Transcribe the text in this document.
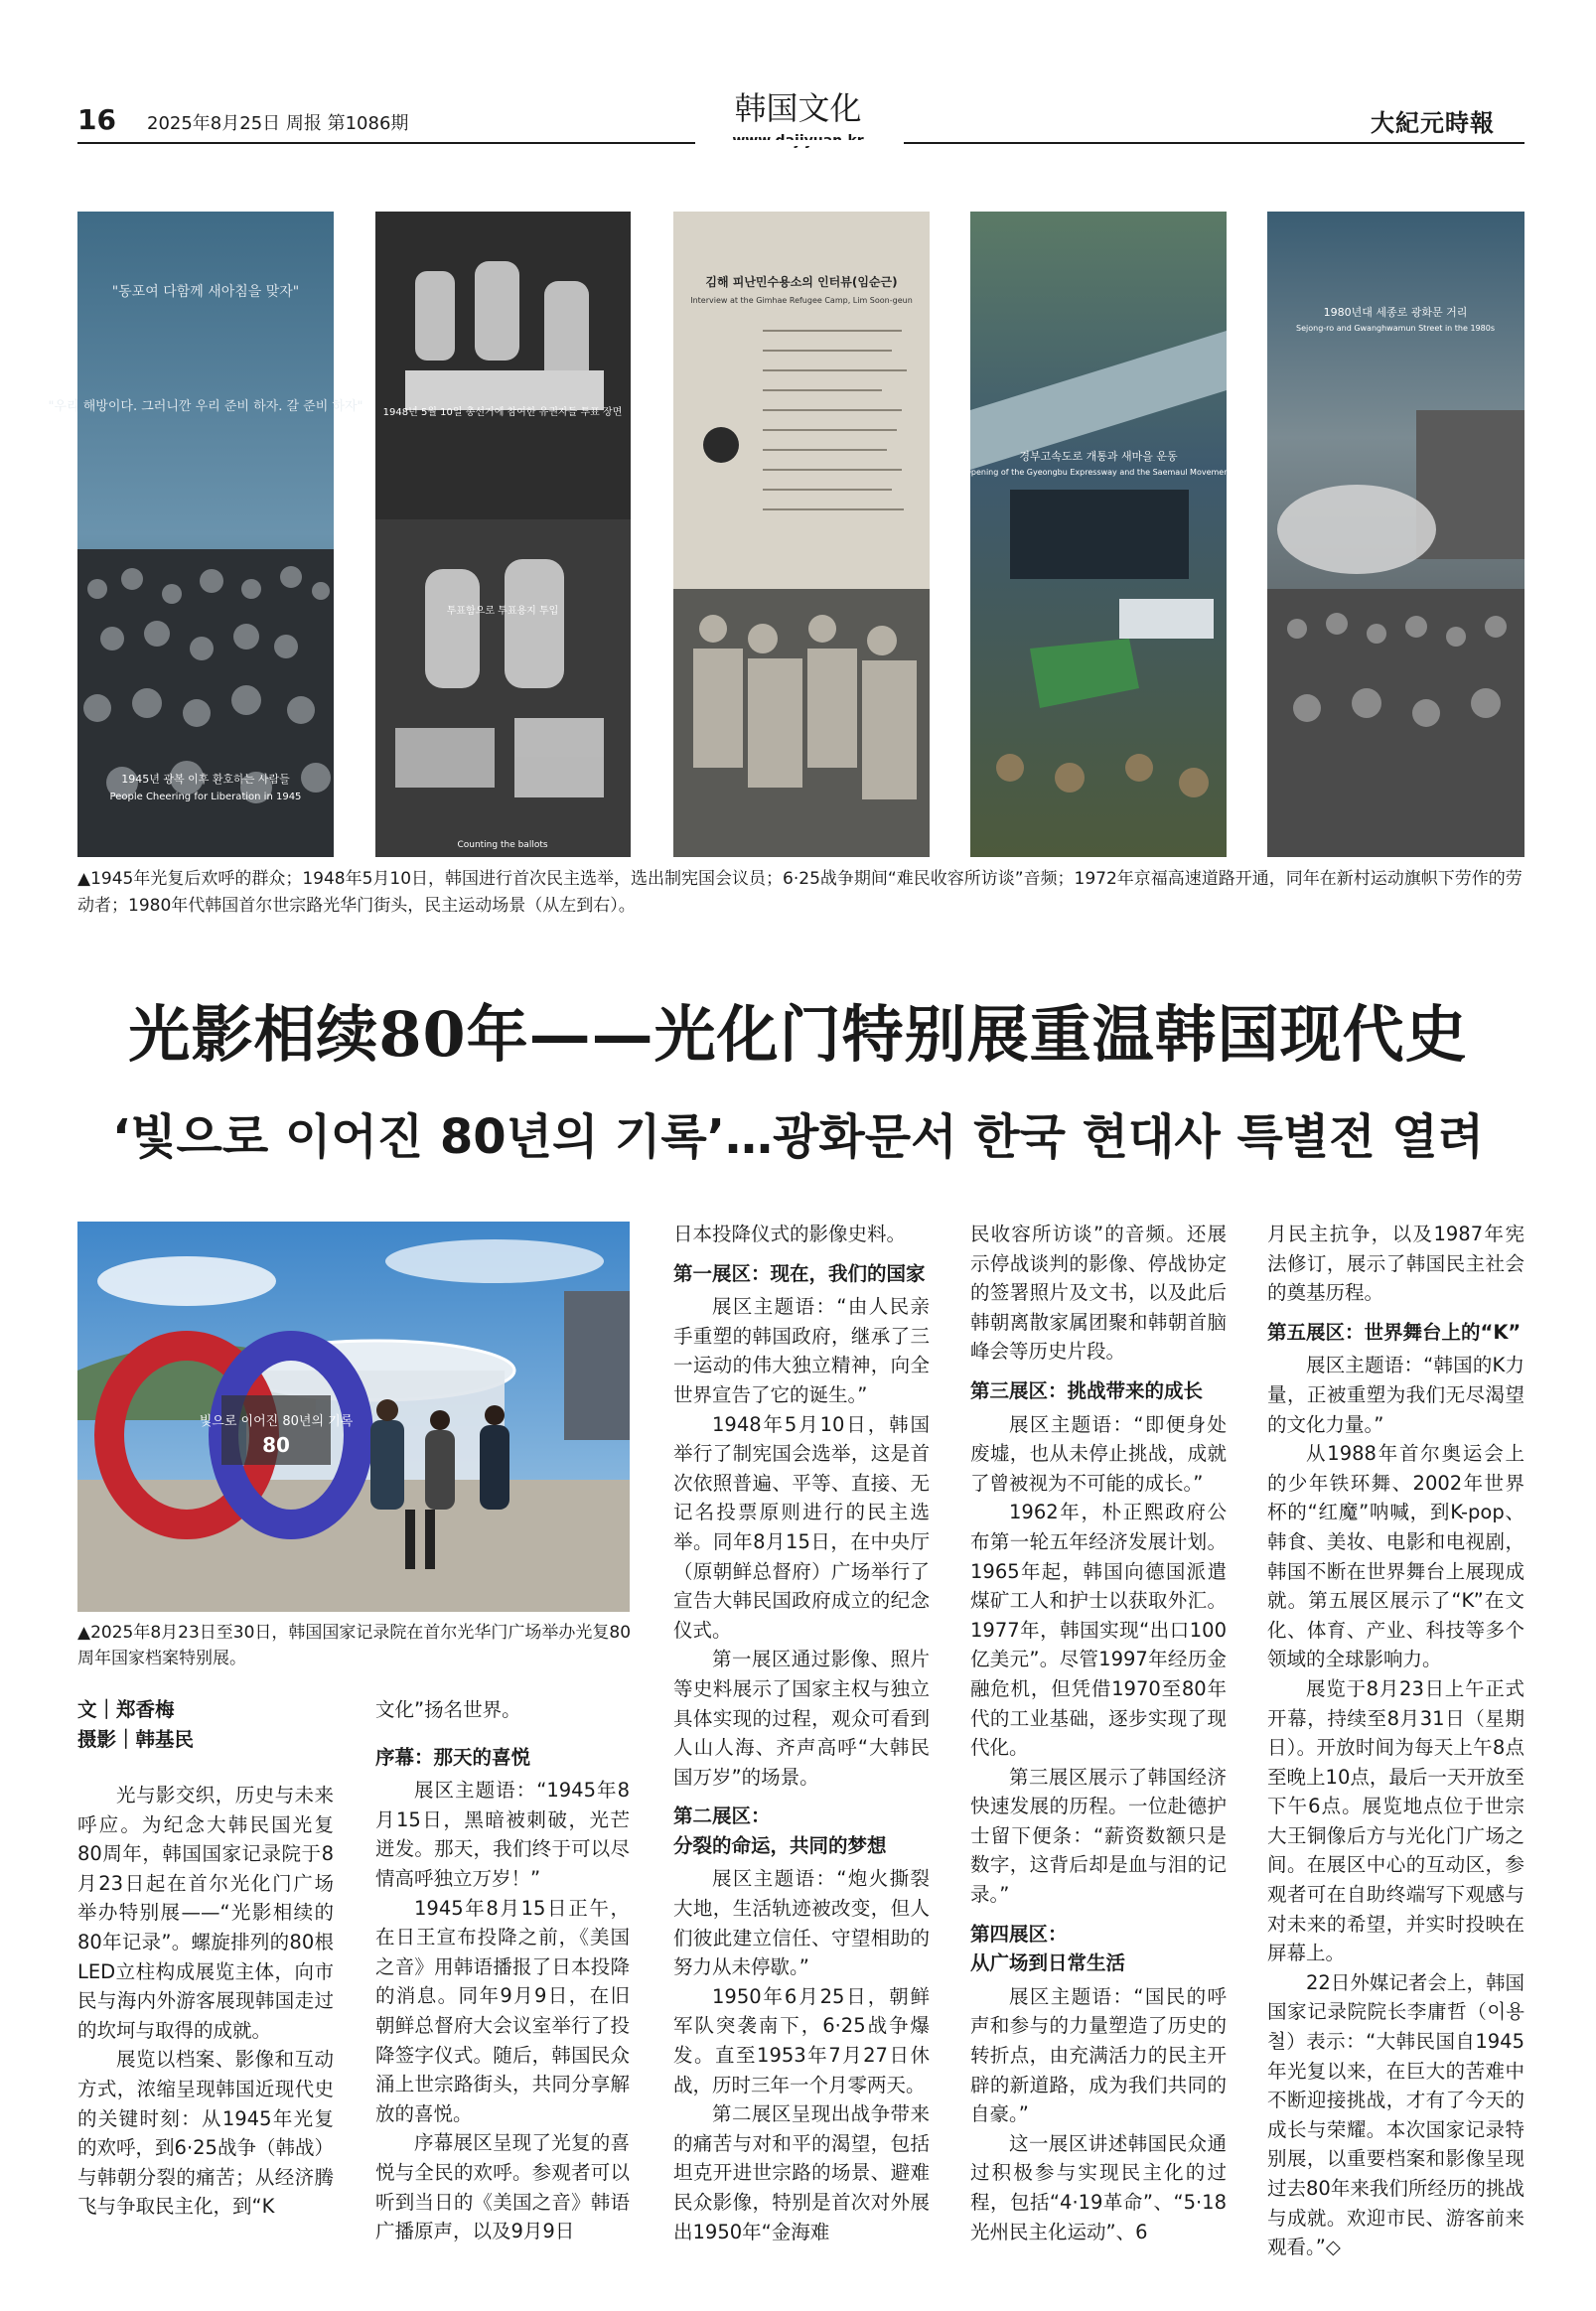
16 2025年8月25日 周报 第1086期	韩国文化	大紀元時報
"동포여 다함께 새아침을 맞자"
"우리 해방이다. 그러니깐 우리 준비 하자. 갈 준비 하자"
1945년 광복 이후 환호하는 사람들
People Cheering for Liberation in 1945
1948년 5월 10일 총선거에 참여한 유권자들 투표 장면
투표함으로 투표용지 투입
Counting the ballots
김해 피난민수용소의 인터뷰(임순근)
Interview at the Gimhae Refugee Camp, Lim Soon-geun
경부고속도로 개통과 새마을 운동
Opening of the Gyeongbu Expressway and the Saemaul Movement
1980년대 세종로 광화문 거리
Sejong-ro and Gwanghwamun Street in the 1980s
▲1945年光复后欢呼的群众；1948年5月10日，韩国进行首次民主选举，选出制宪国会议员；6·25战争期间“难民收容所访谈”音频；1972年京福高速道路开通，同年在新村运动旗帜下劳作的劳动者；1980年代韩国首尔世宗路光华门街头，民主运动场景（从左到右）。
光影相续80年——光化门特别展重温韩国现代史
‘빛으로 이어진 80년의 기록’…광화문서 한국 현대사 특별전 열려
빛으로 이어진 80년의 기록
80
▲2025年8月23日至30日，韩国国家记录院在首尔光华门广场举办光复80周年国家档案特别展。
文｜郑香梅
摄影｜韩基民

光与影交织，历史与未来呼应。为纪念大韩民国光复80周年，韩国国家记录院于8月23日起在首尔光化门广场举办特别展——“光影相续的80年记录”。螺旋排列的80根LED立柱构成展览主体，向市民与海内外游客展现韩国走过的坎坷与取得的成就。

展览以档案、影像和互动方式，浓缩呈现韩国近现代史的关键时刻：从1945年光复的欢呼，到6·25战争（韩战）与韩朝分裂的痛苦；从经济腾飞与争取民主化，到“K

文化”扬名世界。

序幕：那天的喜悦

展区主题语：“1945年8月15日，黑暗被刺破，光芒迸发。那天，我们终于可以尽情高呼独立万岁！”

1945年8月15日正午，在日王宣布投降之前，《美国之音》用韩语播报了日本投降的消息。同年9月9日，在旧朝鲜总督府大会议室举行了投降签字仪式。随后，韩国民众涌上世宗路街头，共同分享解放的喜悦。

序幕展区呈现了光复的喜悦与全民的欢呼。参观者可以听到当日的《美国之音》韩语广播原声，以及9月9日

日本投降仪式的影像史料。

第一展区：现在，我们的国家

展区主题语：“由人民亲手重塑的韩国政府，继承了三一运动的伟大独立精神，向全世界宣告了它的诞生。”

1948年5月10日，韩国举行了制宪国会选举，这是首次依照普遍、平等、直接、无记名投票原则进行的民主选举。同年8月15日，在中央厅（原朝鲜总督府）广场举行了宣告大韩民国政府成立的纪念仪式。

第一展区通过影像、照片等史料展示了国家主权与独立具体实现的过程，观众可看到人山人海、齐声高呼“大韩民国万岁”的场景。

第二展区：
分裂的命运，共同的梦想

展区主题语：“炮火撕裂大地，生活轨迹被改变，但人们彼此建立信任、守望相助的努力从未停歇。”

1950年6月25日，朝鲜军队突袭南下，6·25战争爆发。直至1953年7月27日休战，历时三年一个月零两天。

第二展区呈现出战争带来的痛苦与对和平的渴望，包括坦克开进世宗路的场景、避难民众影像，特别是首次对外展出1950年“金海难

民收容所访谈”的音频。还展示停战谈判的影像、停战协定的签署照片及文书，以及此后韩朝离散家属团聚和韩朝首脑峰会等历史片段。

第三展区：挑战带来的成长

展区主题语：“即便身处废墟，也从未停止挑战，成就了曾被视为不可能的成长。”

1962年，朴正熙政府公布第一轮五年经济发展计划。1965年起，韩国向德国派遣煤矿工人和护士以获取外汇。1977年，韩国实现“出口100亿美元”。尽管1997年经历金融危机，但凭借1970至80年代的工业基础，逐步实现了现代化。

第三展区展示了韩国经济快速发展的历程。一位赴德护士留下便条：“薪资数额只是数字，这背后却是血与泪的记录。”

第四展区：
从广场到日常生活

展区主题语：“国民的呼声和参与的力量塑造了历史的转折点，由充满活力的民主开辟的新道路，成为我们共同的自豪。”

这一展区讲述韩国民众通过积极参与实现民主化的过程，包括“4·19革命”、“5·18光州民主化运动”、6

月民主抗争，以及1987年宪法修订，展示了韩国民主社会的奠基历程。

第五展区：世界舞台上的“K”

展区主题语：“韩国的K力量，正被重塑为我们无尽渴望的文化力量。”

从1988年首尔奥运会上的少年铁环舞、2002年世界杯的“红魔”呐喊，到K-pop、韩食、美妆、电影和电视剧，韩国不断在世界舞台上展现成就。第五展区展示了“K”在文化、体育、产业、科技等多个领域的全球影响力。

展览于8月23日上午正式开幕，持续至8月31日（星期日）。开放时间为每天上午8点至晚上10点，最后一天开放至下午6点。展览地点位于世宗大王铜像后方与光化门广场之间。在展区中心的互动区，参观者可在自助终端写下观感与对未来的希望，并实时投映在屏幕上。

22日外媒记者会上，韩国国家记录院院长李庸哲（이용철）表示：“大韩民国自1945年光复以来，在巨大的苦难中不断迎接挑战，才有了今天的成长与荣耀。本次国家记录特别展，以重要档案和影像呈现过去80年来我们所经历的挑战与成就。欢迎市民、游客前来观看。”◇
